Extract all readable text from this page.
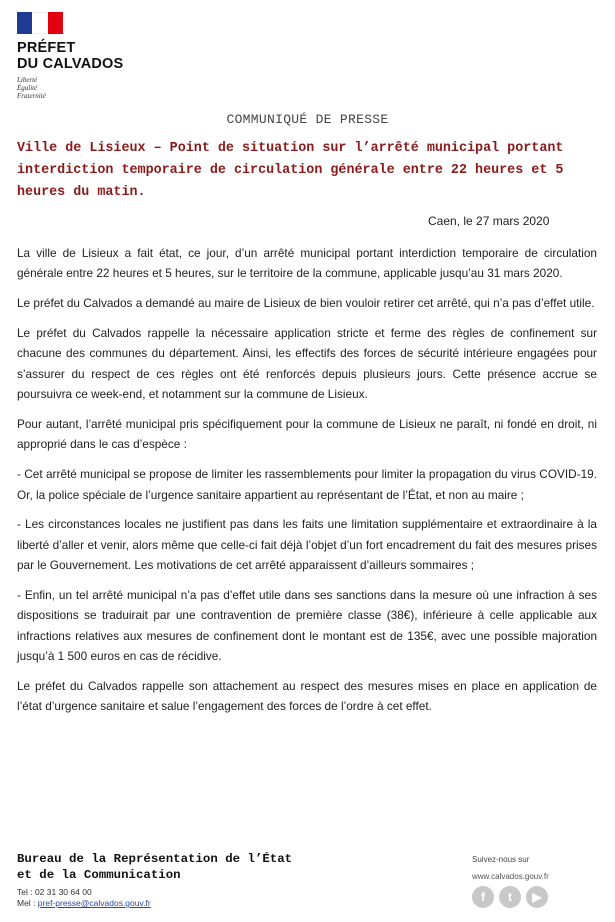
PRÉFET
DU CALVADOS
Liberté
Égalité
Fraternité
COMMUNIQUÉ DE PRESSE
Ville de Lisieux – Point de situation sur l’arrêté municipal portant interdiction temporaire de circulation générale entre 22 heures et 5 heures du matin.
Caen, le 27 mars 2020

La ville de Lisieux a fait état, ce jour, d’un arrêté municipal portant interdiction temporaire de circulation générale entre 22 heures et 5 heures, sur le territoire de la commune, applicable jusqu’au 31 mars 2020.

Le préfet du Calvados a demandé au maire de Lisieux de bien vouloir retirer cet arrêté, qui n’a pas d’effet utile.

Le préfet du Calvados rappelle la nécessaire application stricte et ferme des règles de confinement sur chacune des communes du département. Ainsi, les effectifs des forces de sécurité intérieure engagées pour s’assurer du respect de ces règles ont été renforcés depuis plusieurs jours. Cette présence accrue se poursuivra ce week-end, et notamment sur la commune de Lisieux.

Pour autant, l’arrêté municipal pris spécifiquement pour la commune de Lisieux ne paraît, ni fondé en droit, ni approprié dans le cas d’espèce :

- Cet arrêté municipal se propose de limiter les rassemblements pour limiter la propagation du virus COVID-19. Or, la police spéciale de l’urgence sanitaire appartient au représentant de l’État, et non au maire ;

- Les circonstances locales ne justifient pas dans les faits une limitation supplémentaire et extraordinaire à la liberté d’aller et venir, alors même que celle-ci fait déjà l’objet d’un fort encadrement du fait des mesures prises par le Gouvernement. Les motivations de cet arrêté apparaissent d’ailleurs sommaires ;

- Enfin, un tel arrêté municipal n’a pas d’effet utile dans ses sanctions dans la mesure où une infraction à ses dispositions se traduirait par une contravention de première classe (38€), inférieure à celle applicable aux infractions relatives aux mesures de confinement dont le montant est de 135€, avec une possible majoration jusqu’à 1 500 euros en cas de récidive.

Le préfet du Calvados rappelle son attachement au respect des mesures mises en place en application de l’état d’urgence sanitaire et salue l’engagement des forces de l’ordre à cet effet.

Bureau de la Représentation de l’État
et de la Communication
Tel : 02 31 30 64 00
Mel : pref-presse@calvados.gouv.fr
Suivez-nous sur
www.calvados.gouv.fr
f	t	▶
